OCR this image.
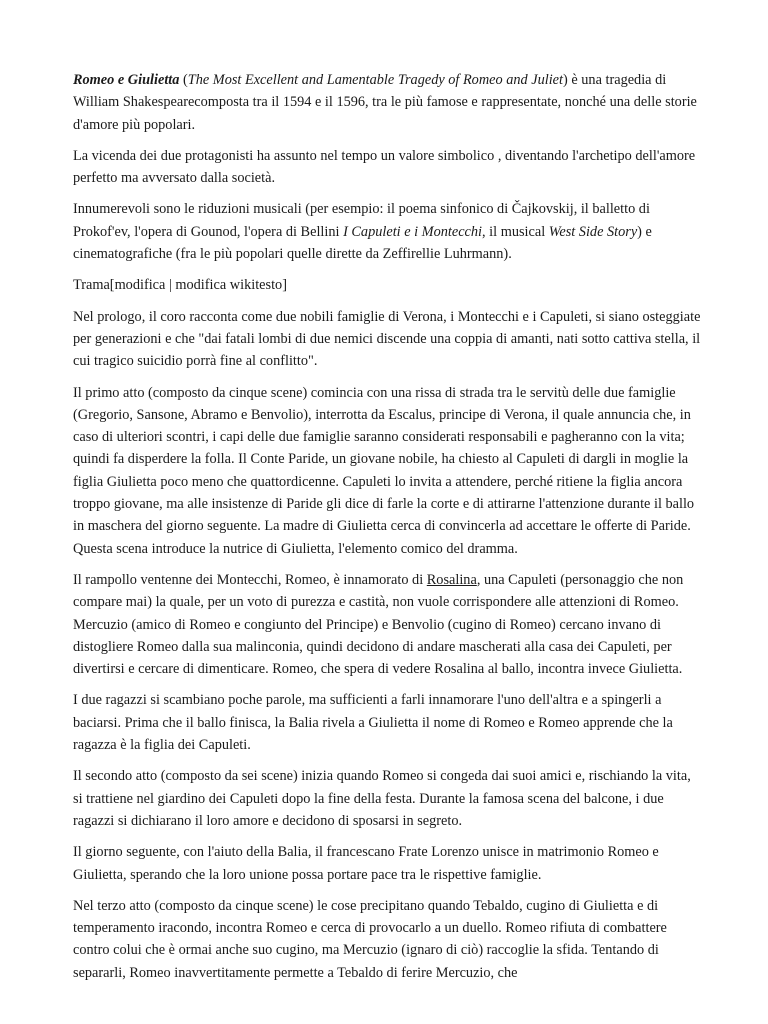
Romeo e Giulietta (The Most Excellent and Lamentable Tragedy of Romeo and Juliet) è una tragedia di William Shakespearecomposta tra il 1594 e il 1596, tra le più famose e rappresentate, nonché una delle storie d'amore più popolari.

La vicenda dei due protagonisti ha assunto nel tempo un valore simbolico , diventando l'archetipo dell'amore perfetto ma avversato dalla società.

Innumerevoli sono le riduzioni musicali (per esempio: il poema sinfonico di Čajkovskij, il balletto di Prokof'ev, l'opera di Gounod, l'opera di Bellini I Capuleti e i Montecchi, il musical West Side Story) e cinematografiche (fra le più popolari quelle dirette da Zeffirellie Luhrmann).

Trama[modifica | modifica wikitesto]

Nel prologo, il coro racconta come due nobili famiglie di Verona, i Montecchi e i Capuleti, si siano osteggiate per generazioni e che "dai fatali lombi di due nemici discende una coppia di amanti, nati sotto cattiva stella, il cui tragico suicidio porrà fine al conflitto".

Il primo atto (composto da cinque scene) comincia con una rissa di strada tra le servitù delle due famiglie (Gregorio, Sansone, Abramo e Benvolio), interrotta da Escalus, principe di Verona, il quale annuncia che, in caso di ulteriori scontri, i capi delle due famiglie saranno considerati responsabili e pagheranno con la vita; quindi fa disperdere la folla. Il Conte Paride, un giovane nobile, ha chiesto al Capuleti di dargli in moglie la figlia Giulietta poco meno che quattordicenne. Capuleti lo invita a attendere, perché ritiene la figlia ancora troppo giovane, ma alle insistenze di Paride gli dice di farle la corte e di attirarne l'attenzione durante il ballo in maschera del giorno seguente. La madre di Giulietta cerca di convincerla ad accettare le offerte di Paride. Questa scena introduce la nutrice di Giulietta, l'elemento comico del dramma.

Il rampollo ventenne dei Montecchi, Romeo, è innamorato di Rosalina, una Capuleti (personaggio che non compare mai) la quale, per un voto di purezza e castità, non vuole corrispondere alle attenzioni di Romeo. Mercuzio (amico di Romeo e congiunto del Principe) e Benvolio (cugino di Romeo) cercano invano di distogliere Romeo dalla sua malinconia, quindi decidono di andare mascherati alla casa dei Capuleti, per divertirsi e cercare di dimenticare. Romeo, che spera di vedere Rosalina al ballo, incontra invece Giulietta.

I due ragazzi si scambiano poche parole, ma sufficienti a farli innamorare l'uno dell'altra e a spingerli a baciarsi. Prima che il ballo finisca, la Balia rivela a Giulietta il nome di Romeo e Romeo apprende che la ragazza è la figlia dei Capuleti.

Il secondo atto (composto da sei scene) inizia quando Romeo si congeda dai suoi amici e, rischiando la vita, si trattiene nel giardino dei Capuleti dopo la fine della festa. Durante la famosa scena del balcone, i due ragazzi si dichiarano il loro amore e decidono di sposarsi in segreto.

Il giorno seguente, con l'aiuto della Balia, il francescano Frate Lorenzo unisce in matrimonio Romeo e Giulietta, sperando che la loro unione possa portare pace tra le rispettive famiglie.

Nel terzo atto (composto da cinque scene) le cose precipitano quando Tebaldo, cugino di Giulietta e di temperamento iracondo, incontra Romeo e cerca di provocarlo a un duello. Romeo rifiuta di combattere contro colui che è ormai anche suo cugino, ma Mercuzio (ignaro di ciò) raccoglie la sfida. Tentando di separarli, Romeo inavvertitamente permette a Tebaldo di ferire Mercuzio, che
